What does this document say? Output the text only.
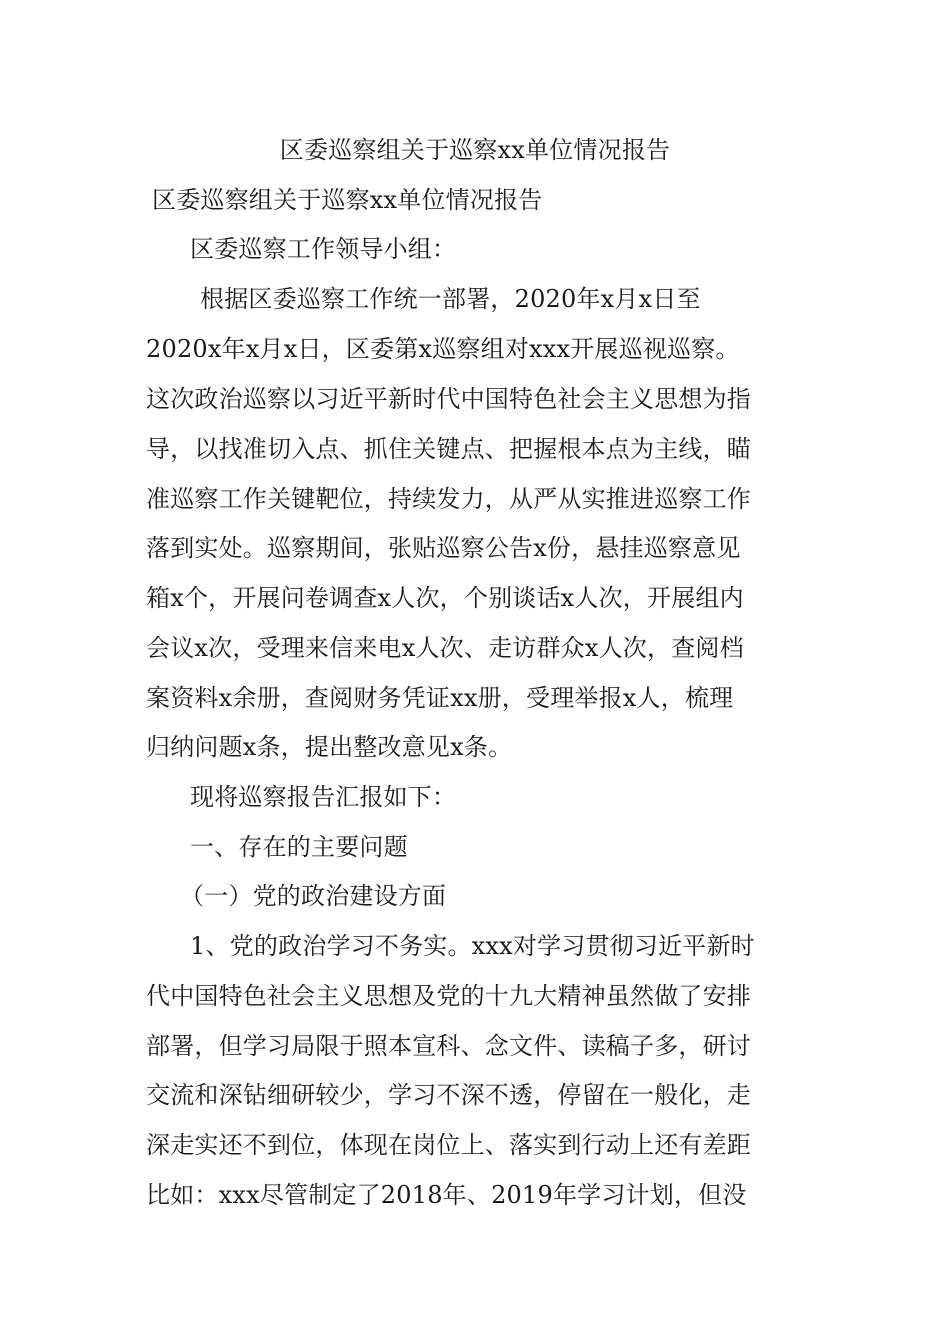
区委巡察组关于巡察xx单位情况报告
区委巡察组关于巡察xx单位情况报告
区委巡察工作领导小组：
根据区委巡察工作统一部署，2020年x月x日至
2020x年x月x日，区委第x巡察组对xxx开展巡视巡察。
这次政治巡察以习近平新时代中国特色社会主义思想为指
导，以找准切入点、抓住关键点、把握根本点为主线，瞄
准巡察工作关键靶位，持续发力，从严从实推进巡察工作
落到实处。巡察期间，张贴巡察公告x份，悬挂巡察意见
箱x个，开展问卷调查x人次，个别谈话x人次，开展组内
会议x次，受理来信来电x人次、走访群众x人次，查阅档
案资料x余册，查阅财务凭证xx册，受理举报x人，梳理
归纳问题x条，提出整改意见x条。
现将巡察报告汇报如下：
一、存在的主要问题
（一）党的政治建设方面
1、党的政治学习不务实。xxx对学习贯彻习近平新时
代中国特色社会主义思想及党的十九大精神虽然做了安排
部署，但学习局限于照本宣科、念文件、读稿子多，研讨
交流和深钻细研较少，学习不深不透，停留在一般化，走
深走实还不到位，体现在岗位上、落实到行动上还有差距
比如：xxx尽管制定了2018年、2019年学习计划，但没
